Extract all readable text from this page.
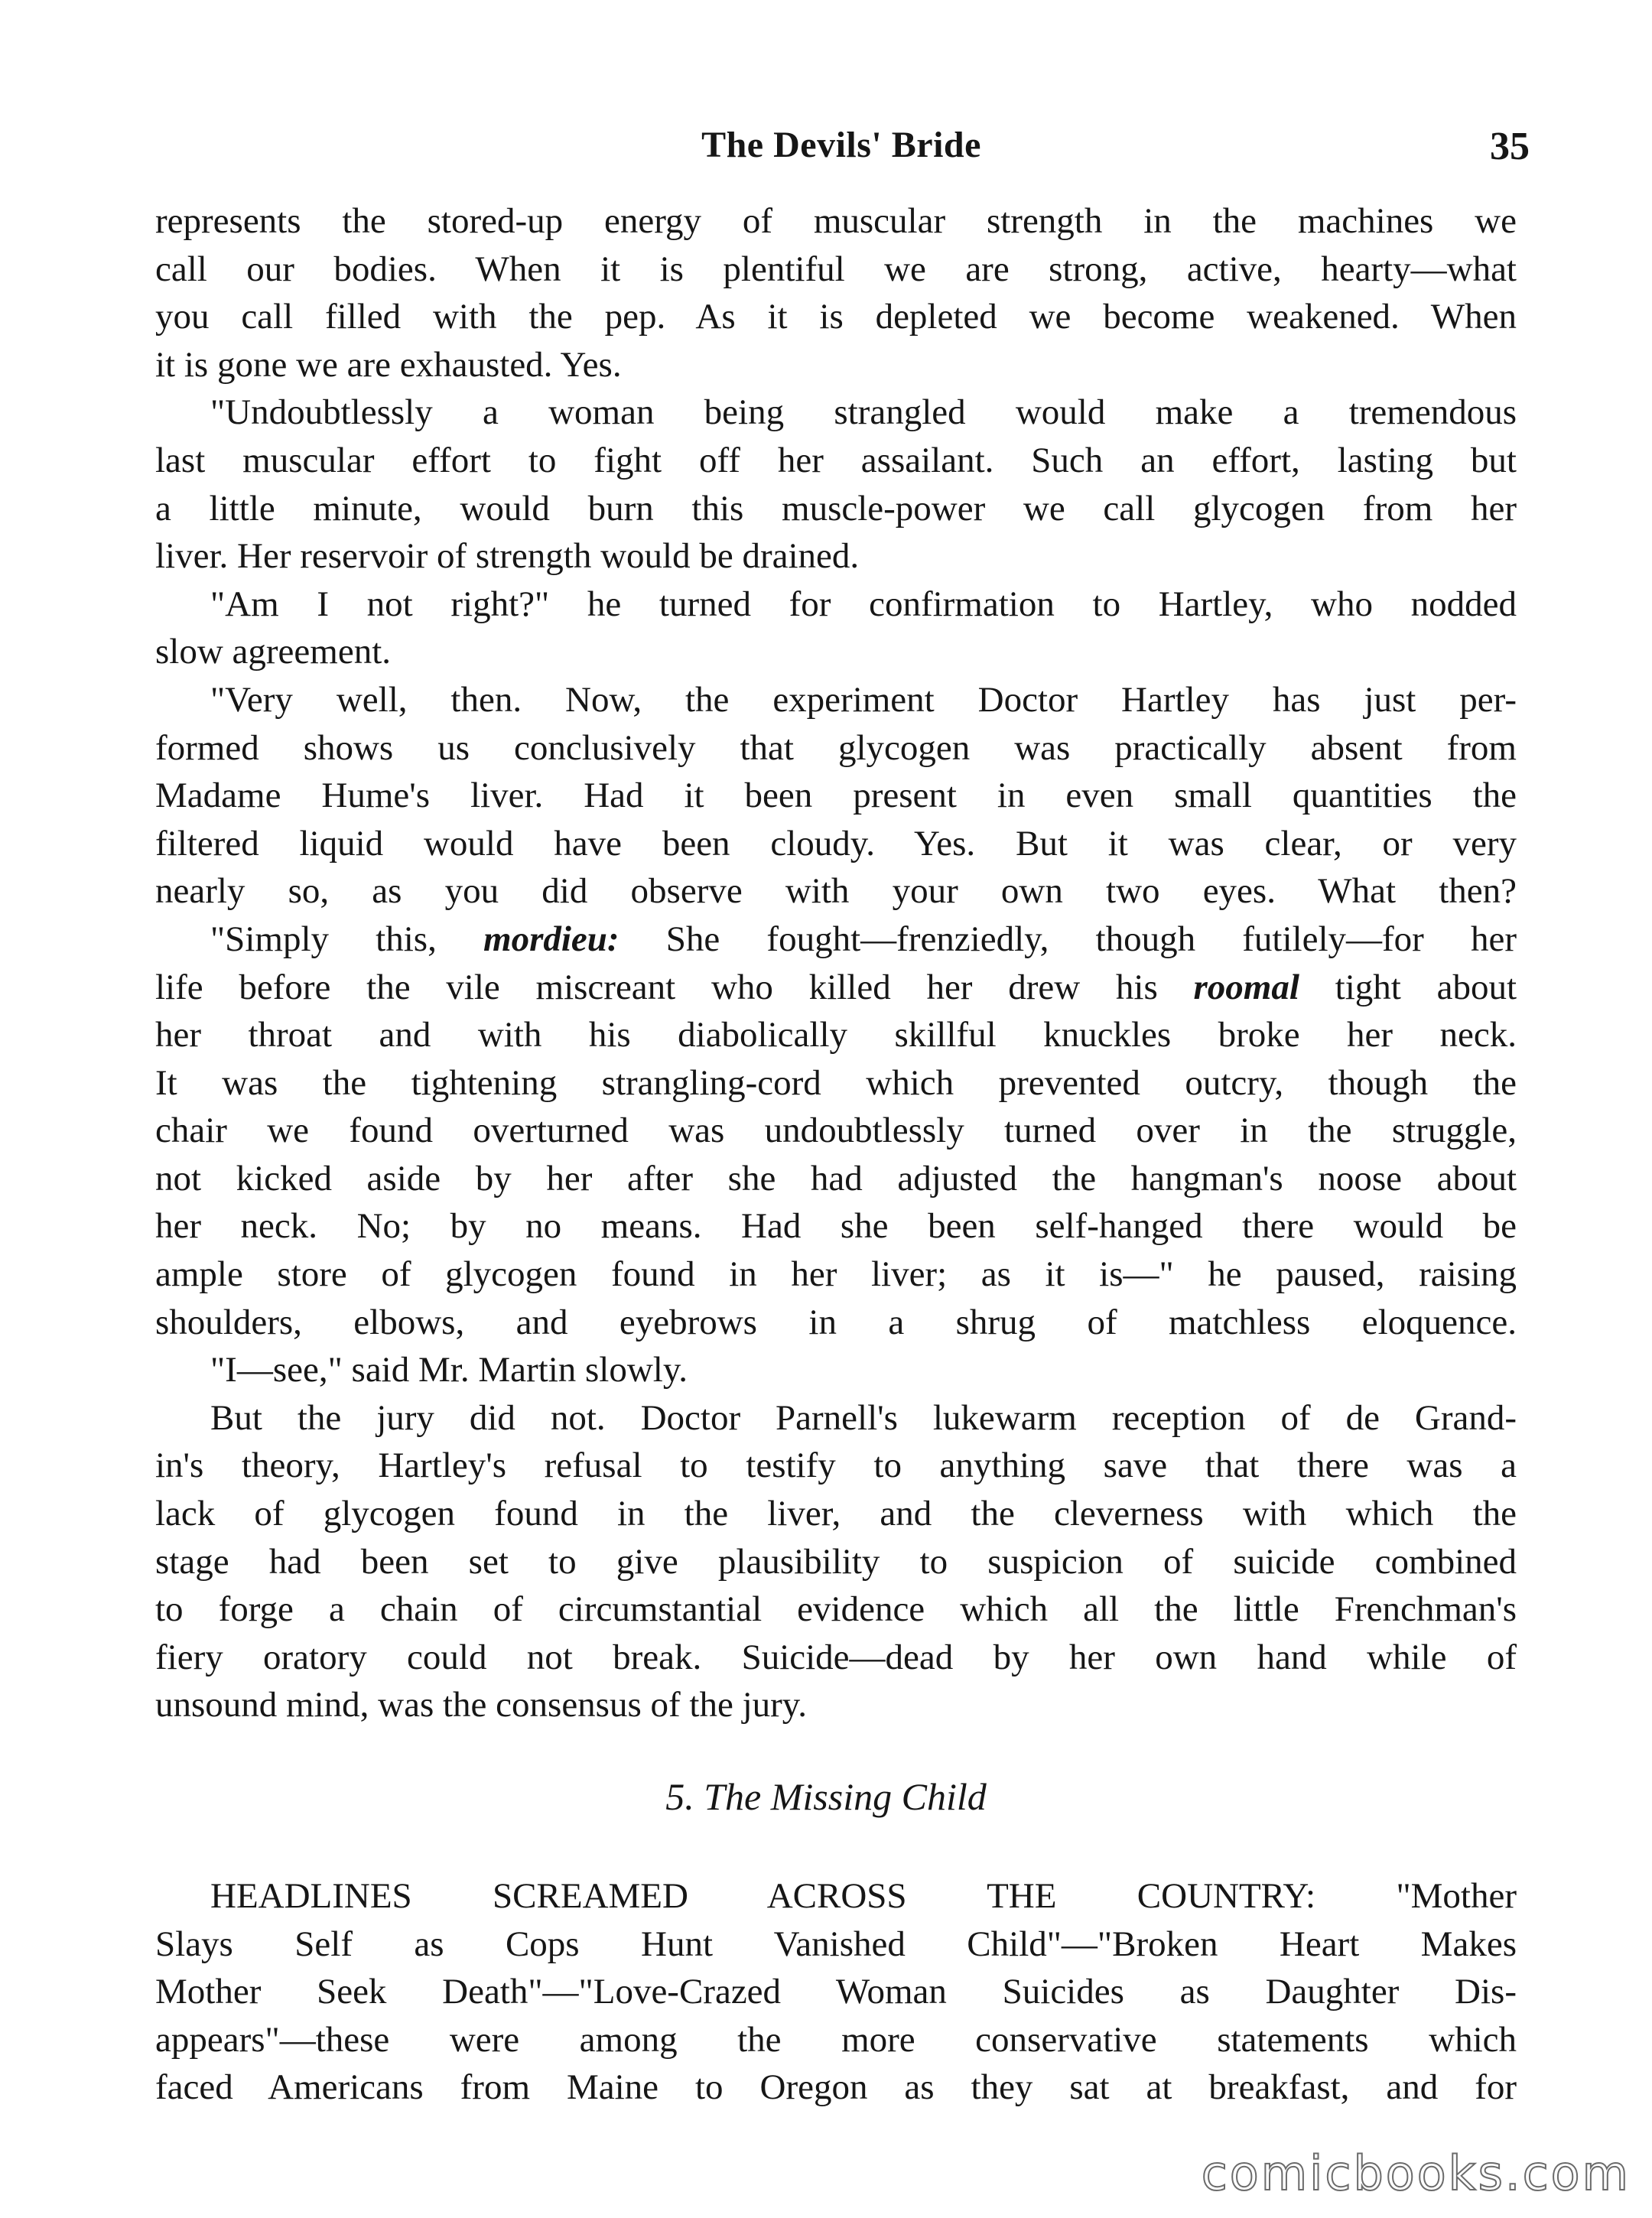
The Devils' Bride	35
represents the stored-up energy of muscular strength in the machines we
call our bodies. When it is plentiful we are strong, active, hearty—what
you call filled with the pep. As it is depleted we become weakened. When
it is gone we are exhausted. Yes.
"Undoubtlessly a woman being strangled would make a tremendous
last muscular effort to fight off her assailant. Such an effort, lasting but
a little minute, would burn this muscle-power we call glycogen from her
liver. Her reservoir of strength would be drained.
"Am I not right?" he turned for confirmation to Hartley, who nodded
slow agreement.
"Very well, then. Now, the experiment Doctor Hartley has just per-
formed shows us conclusively that glycogen was practically absent from
Madame Hume's liver. Had it been present in even small quantities the
filtered liquid would have been cloudy. Yes. But it was clear, or very
nearly so, as you did observe with your own two eyes. What then?
"Simply this, mordieu: She fought—frenziedly, though futilely—for her
life before the vile miscreant who killed her drew his roomal tight about
her throat and with his diabolically skillful knuckles broke her neck.
It was the tightening strangling-cord which prevented outcry, though the
chair we found overturned was undoubtlessly turned over in the struggle,
not kicked aside by her after she had adjusted the hangman's noose about
her neck. No; by no means. Had she been self-hanged there would be
ample store of glycogen found in her liver; as it is—" he paused, raising
shoulders, elbows, and eyebrows in a shrug of matchless eloquence.
"I—see," said Mr. Martin slowly.
But the jury did not. Doctor Parnell's lukewarm reception of de Grand-
in's theory, Hartley's refusal to testify to anything save that there was a
lack of glycogen found in the liver, and the cleverness with which the
stage had been set to give plausibility to suspicion of suicide combined
to forge a chain of circumstantial evidence which all the little Frenchman's
fiery oratory could not break. Suicide—dead by her own hand while of
unsound mind, was the consensus of the jury.
5. The Missing Child
HEADLINES SCREAMED ACROSS THE COUNTRY: "Mother
Slays Self as Cops Hunt Vanished Child"—"Broken Heart Makes
Mother Seek Death"—"Love-Crazed Woman Suicides as Daughter Dis-
appears"—these were among the more conservative statements which
faced Americans from Maine to Oregon as they sat at breakfast, and for
comicbooks.com
